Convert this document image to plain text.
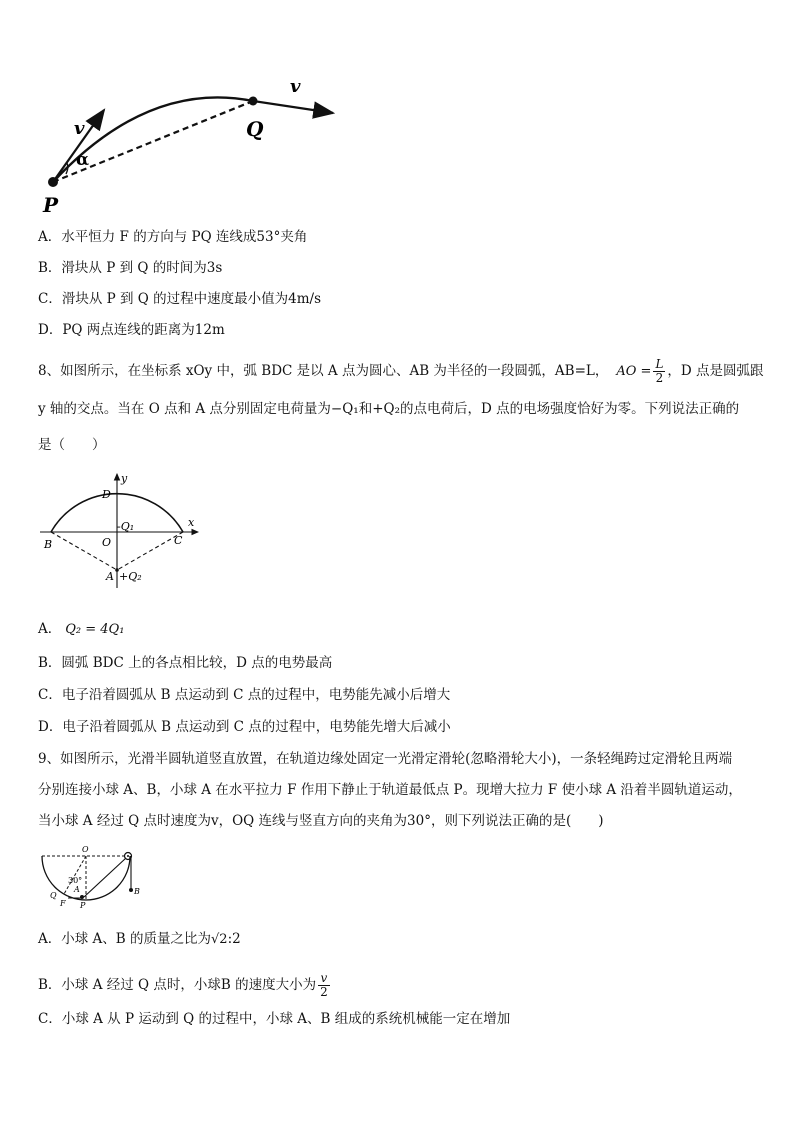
v
α
v
Q
P
A．水平恒力 F 的方向与 PQ 连线成53°夹角
B．滑块从 P 到 Q 的时间为3s
C．滑块从 P 到 Q 的过程中速度最小值为4m/s
D．PQ 两点连线的距离为12m
8、如图所示，在坐标系 xOy 中，弧 BDC 是以 A 点为圆心、AB 为半径的一段圆弧，AB=L， AO = $\frac{L}{2}$ ，D 点是圆弧跟
y 轴的交点。当在 O 点和 A 点分别固定电荷量为−Q₁和+Q₂的点电荷后，D 点的电场强度恰好为零。下列说法正确的
是（　　）
D
y
x
-Q₁
B	O	C
A +Q₂
A． Q₂ = 4Q₁
B．圆弧 BDC 上的各点相比较，D 点的电势最高
C．电子沿着圆弧从 B 点运动到 C 点的过程中，电势能先减小后增大
D．电子沿着圆弧从 B 点运动到 C 点的过程中，电势能先增大后减小
9、如图所示，光滑半圆轨道竖直放置，在轨道边缘处固定一光滑定滑轮(忽略滑轮大小)，一条轻绳跨过定滑轮且两端
分别连接小球 A、B，小球 A 在水平拉力 F 作用下静止于轨道最低点 P。现增大拉力 F 使小球 A 沿着半圆轨道运动，
当小球 A 经过 Q 点时速度为v，OQ 连线与竖直方向的夹角为30°，则下列说法正确的是(　　)
O
30°
A
Q
F P
B
A．小球 A、B 的质量之比为√2:2
B．小球 A 经过 Q 点时，小球B 的速度大小为 $\frac{v}{2}$
C．小球 A 从 P 运动到 Q 的过程中，小球 A、B 组成的系统机械能一定在增加
